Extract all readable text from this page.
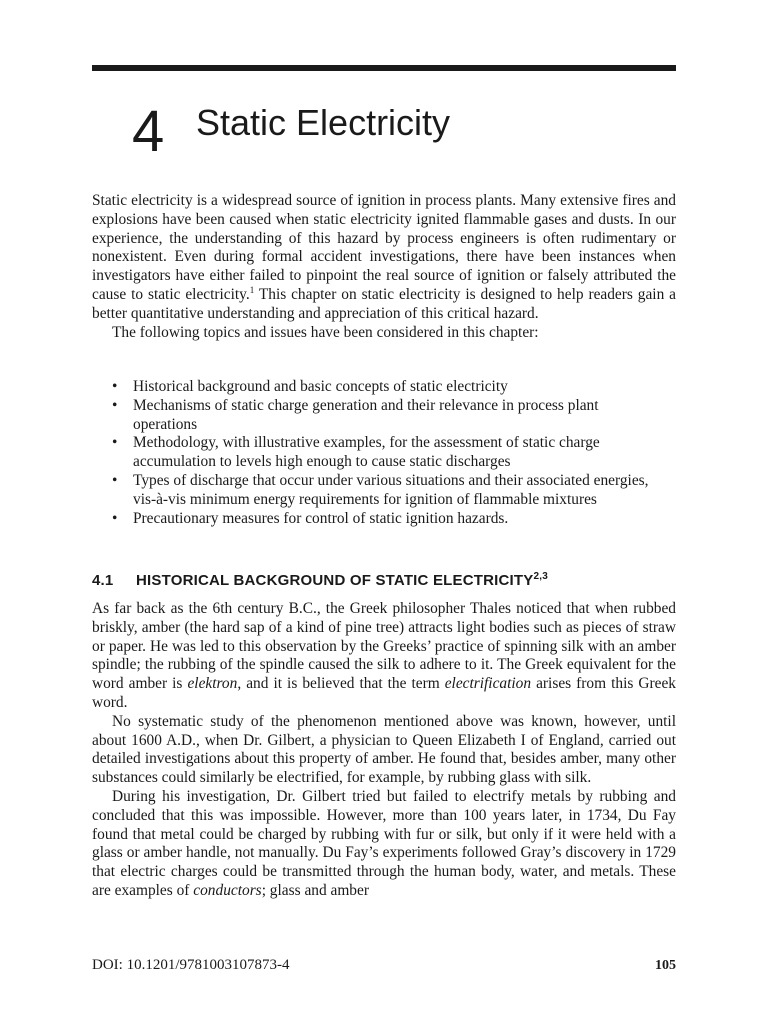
4 Static Electricity

Static electricity is a widespread source of ignition in process plants. Many extensive fires and explosions have been caused when static electricity ignited flammable gases and dusts. In our experience, the understanding of this hazard by process engineers is often rudimentary or nonexistent. Even during formal accident investigations, there have been instances when investigators have either failed to pinpoint the real source of ignition or falsely attributed the cause to static electricity.$^1$ This chapter on static electricity is designed to help readers gain a better quantitative understanding and appreciation of this critical hazard.

The following topics and issues have been considered in this chapter:

• Historical background and basic concepts of static electricity
• Mechanisms of static charge generation and their relevance in process plant operations
• Methodology, with illustrative examples, for the assessment of static charge accumulation to levels high enough to cause static discharges
• Types of discharge that occur under various situations and their associated energies, vis-à-vis minimum energy requirements for ignition of flammable mixtures
• Precautionary measures for control of static ignition hazards.
4.1 HISTORICAL BACKGROUND OF STATIC ELECTRICITY$^{2,3}$

As far back as the 6th century B.C., the Greek philosopher Thales noticed that when rubbed briskly, amber (the hard sap of a kind of pine tree) attracts light bodies such as pieces of straw or paper. He was led to this observation by the Greeks’ practice of spinning silk with an amber spindle; the rubbing of the spindle caused the silk to adhere to it. The Greek equivalent for the word amber is elektron, and it is believed that the term electrification arises from this Greek word.

No systematic study of the phenomenon mentioned above was known, however, until about 1600 A.D., when Dr. Gilbert, a physician to Queen Elizabeth I of England, carried out detailed investigations about this property of amber. He found that, besides amber, many other substances could similarly be electrified, for example, by rubbing glass with silk.

During his investigation, Dr. Gilbert tried but failed to electrify metals by rubbing and concluded that this was impossible. However, more than 100 years later, in 1734, Du Fay found that metal could be charged by rubbing with fur or silk, but only if it were held with a glass or amber handle, not manually. Du Fay’s experiments followed Gray’s discovery in 1729 that electric charges could be transmitted through the human body, water, and metals. These are examples of conductors; glass and amber

DOI: 10.1201/9781003107873-4	105
